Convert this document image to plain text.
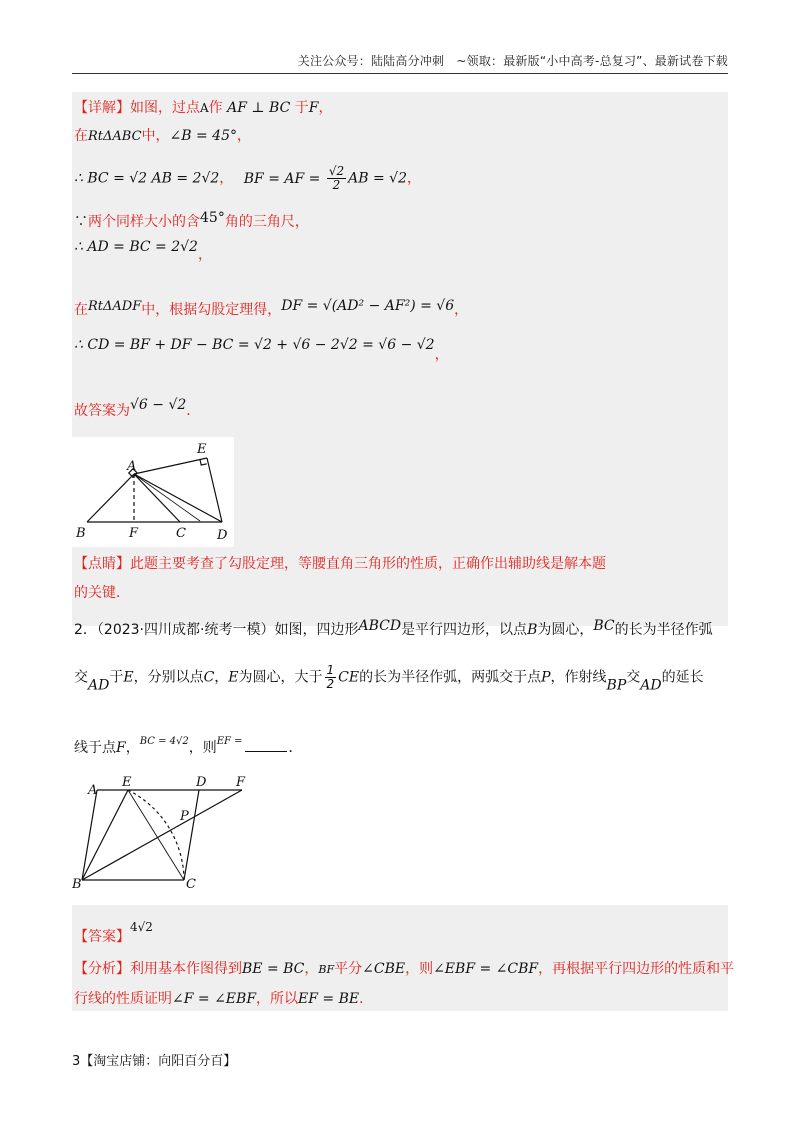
关注公众号：陆陆高分冲刺　~领取：最新版“小中高考-总复习”、最新试卷下载
【详解】如图，过点A作 AF ⊥ BC 于F，
在RtΔABC中，∠B = 45°，
∴ BC = √2 AB = 2√2， BF = AF = $\frac{√2}{2}$ AB = √2，
∵两个同样大小的含45°角的三角尺，
∴ AD = BC = 2√2，
在RtΔADF中，根据勾股定理得，DF = √(AD² − AF²) = √6，
∴ CD = BF + DF − BC = √2 + √6 − 2√2 = √6 − √2，
故答案为√6 − √2．
A
E
B	F	C D
【点睛】此题主要考查了勾股定理，等腰直角三角形的性质，正确作出辅助线是解本题
的关键．
2．（2023·四川成都·统考一模）如图，四边形ABCD是平行四边形，以点B为圆心，BC的长为半径作弧
交AD于E，分别以点C，E为圆心，大于 $\frac{1}{2}$ CE的长为半径作弧，两弧交于点P，作射线BP交AD的延长
线于点F，$^{BC = 4√2}$，则$^{EF =}$	．
A
E	D F
P
B	C
【答案】4√2
【分析】利用基本作图得到BE = BC，BF平分∠CBE，则∠EBF = ∠CBF，再根据平行四边形的性质和平
行线的性质证明∠F = ∠EBF，所以EF = BE．
3【淘宝店铺：向阳百分百】
